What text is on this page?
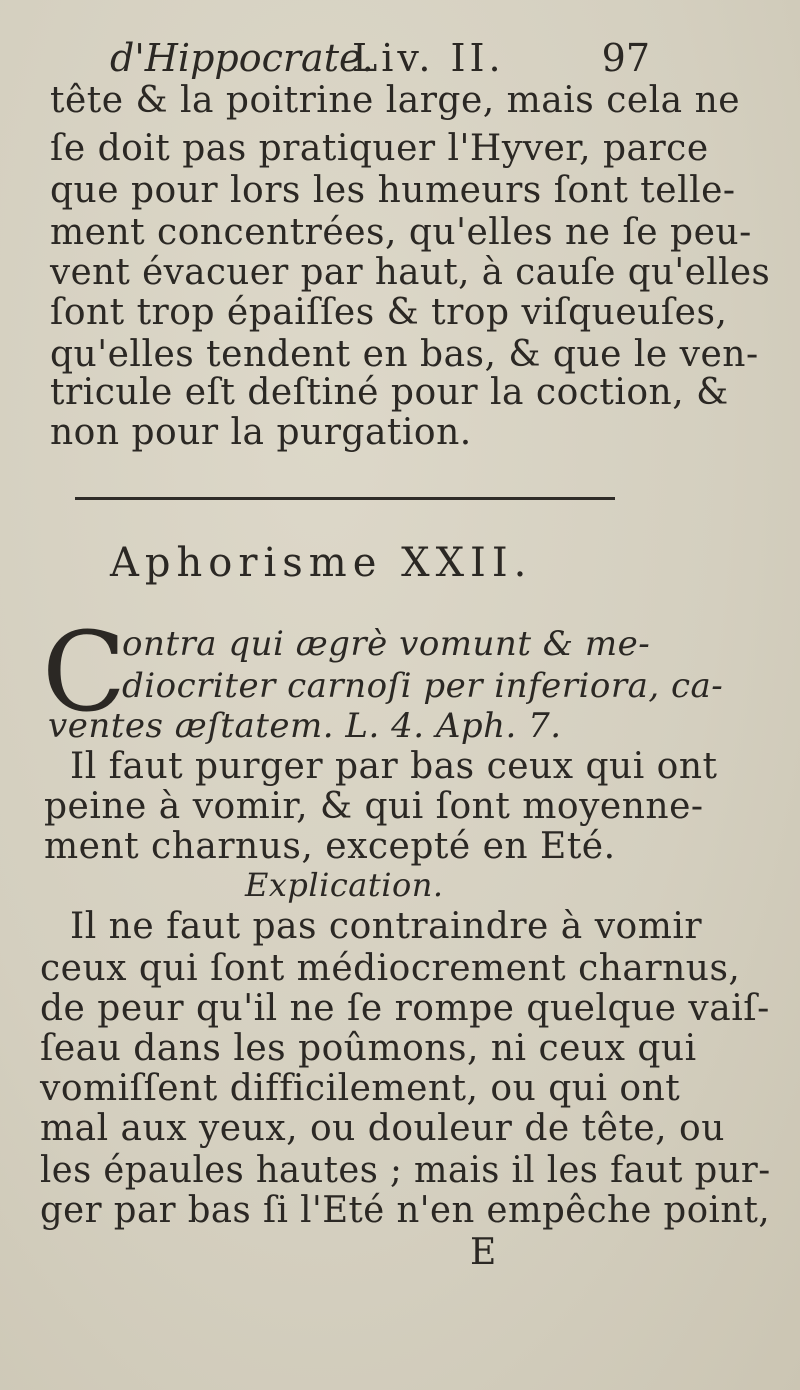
d'Hippocrate.
Liv. II.	97
tête & la poitrine large, mais cela ne
ſe doit pas pratiquer l'Hyver, parce
que pour lors les humeurs ſont telle-
ment concentrées, qu'elles ne ſe peu-
vent évacuer par haut, à cauſe qu'elles
ſont trop épaiſſes & trop viſqueuſes,
qu'elles tendent en bas, & que le ven-
tricule eſt deſtiné pour la coction, &
non pour la purgation.
Aphorisme XXII.
C
ontra qui ægrè vomunt & me-
diocriter carnoſi per inferiora, ca-
ventes æſtatem. L. 4. Aph. 7.
Il faut purger par bas ceux qui ont
peine à vomir, & qui ſont moyenne-
ment charnus, excepté en Eté.
Explication.
Il ne faut pas contraindre à vomir
ceux qui ſont médiocrement charnus,
de peur qu'il ne ſe rompe quelque vaiſ-
ſeau dans les poûmons, ni ceux qui
vomiſſent difficilement, ou qui ont
mal aux yeux, ou douleur de tête, ou
les épaules hautes ; mais il les faut pur-
ger par bas ſi l'Eté n'en empêche point,
E
